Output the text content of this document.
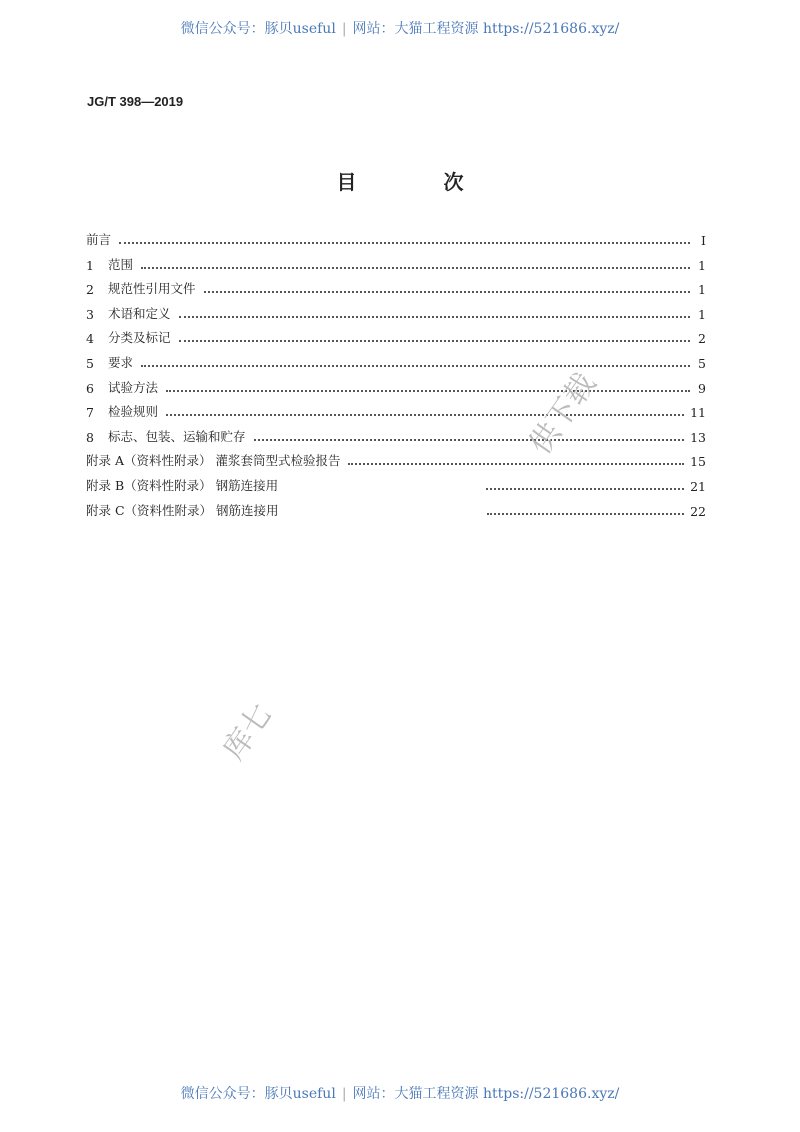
微信公众号：豚贝useful | 网站：大猫工程资源 https://521686.xyz/
JG/T 398—2019
目 次
前言	Ⅰ
1	范围	1
2	规范性引用文件	1
3	术语和定义	1
4	分类及标记	2
5	要求	5
6	试验方法	9
7	检验规则	11
8	标志、包装、运输和贮存	13
附录 A（资料性附录） 灌浆套筒型式检验报告	15
附录 B（资料性附录） 钢筋连接用	21
附录 C（资料性附录） 钢筋连接用	22
供下载
库七
微信公众号：豚贝useful | 网站：大猫工程资源 https://521686.xyz/
